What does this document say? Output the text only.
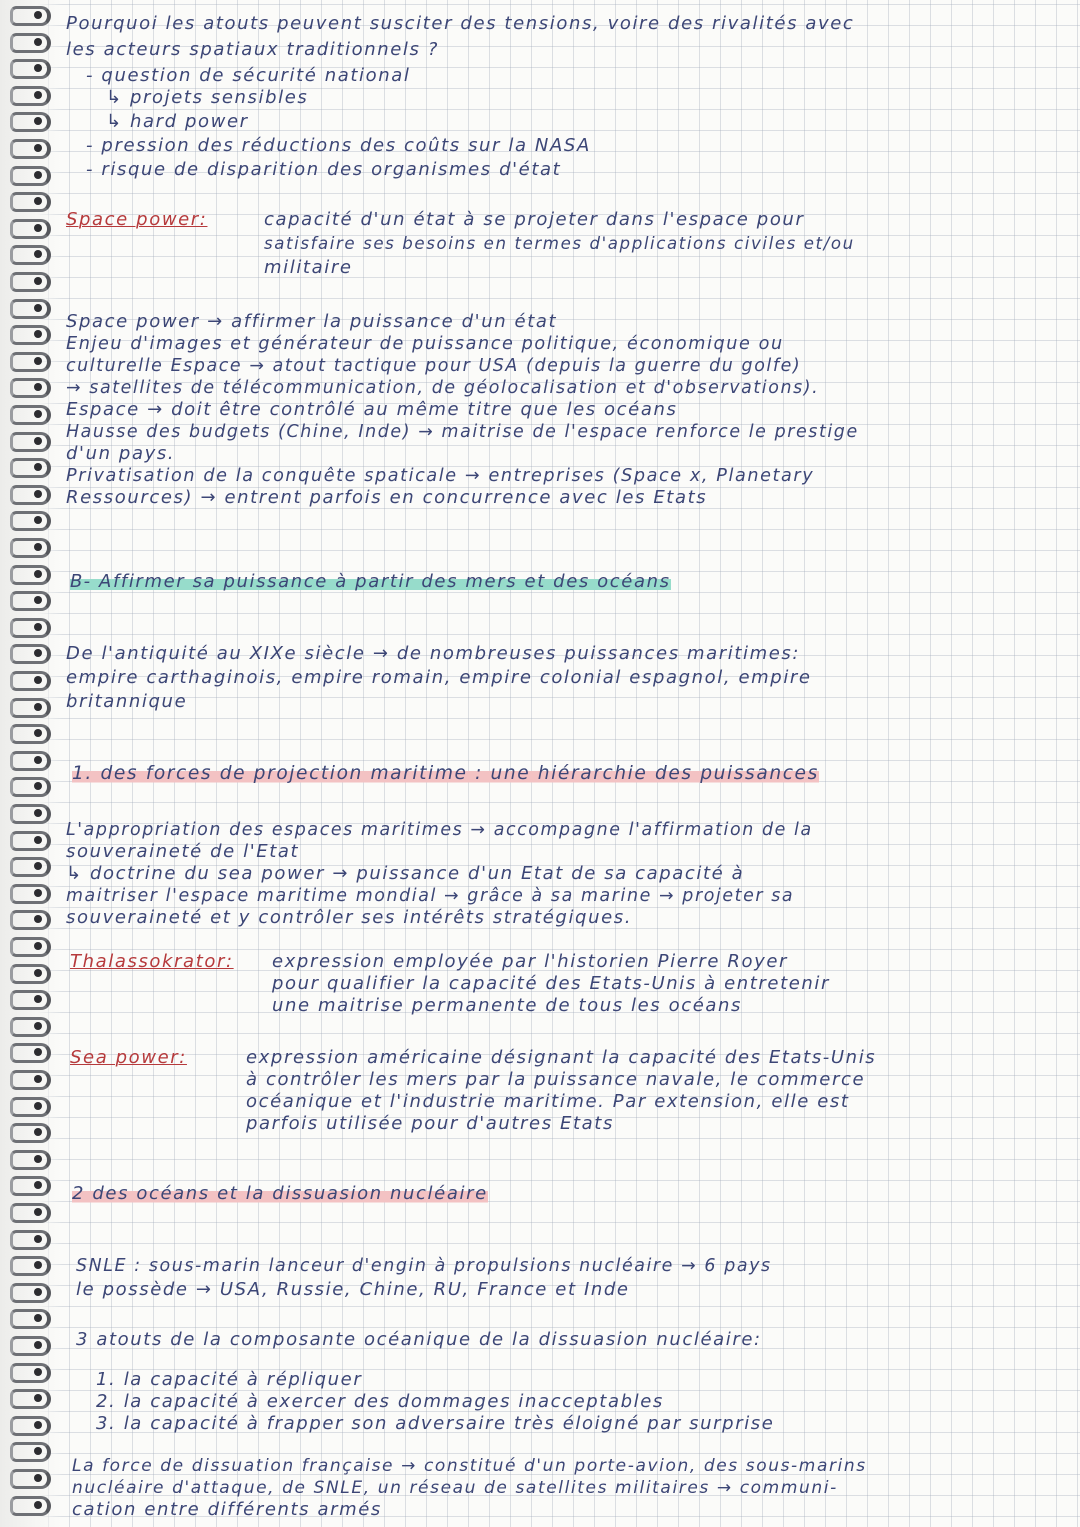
Pourquoi les atouts peuvent susciter des tensions, voire des rivalités avec
les acteurs spatiaux traditionnels ?
- question de sécurité national
↳ projets sensibles
↳ hard power
- pression des réductions des coûts sur la NASA
- risque de disparition des organismes d'état
Space power:	capacité d'un état à se projeter dans l'espace pour
satisfaire ses besoins en termes d'applications civiles et/ou
militaire
Space power → affirmer la puissance d'un état
Enjeu d'images et générateur de puissance politique, économique ou
culturelle Espace → atout tactique pour USA (depuis la guerre du golfe)
→ satellites de télécommunication, de géolocalisation et d'observations).
Espace → doit être contrôlé au même titre que les océans
Hausse des budgets (Chine, Inde) → maitrise de l'espace renforce le prestige
d'un pays.
Privatisation de la conquête spaticale → entreprises (Space x, Planetary
Ressources) → entrent parfois en concurrence avec les Etats
B- Affirmer sa puissance à partir des mers et des océans
De l'antiquité au XIXe siècle → de nombreuses puissances maritimes:
empire carthaginois, empire romain, empire colonial espagnol, empire
britannique
1. des forces de projection maritime : une hiérarchie des puissances
L'appropriation des espaces maritimes → accompagne l'affirmation de la
souveraineté de l'Etat
↳ doctrine du sea power → puissance d'un Etat de sa capacité à
maitriser l'espace maritime mondial → grâce à sa marine → projeter sa
souveraineté et y contrôler ses intérêts stratégiques.
Thalassokrator: expression employée par l'historien Pierre Royer
pour qualifier la capacité des Etats-Unis à entretenir
une maitrise permanente de tous les océans
Sea power:	expression américaine désignant la capacité des Etats-Unis
à contrôler les mers par la puissance navale, le commerce
océanique et l'industrie maritime. Par extension, elle est
parfois utilisée pour d'autres Etats
2 des océans et la dissuasion nucléaire
SNLE : sous-marin lanceur d'engin à propulsions nucléaire → 6 pays
le possède → USA, Russie, Chine, RU, France et Inde
3 atouts de la composante océanique de la dissuasion nucléaire:
1. la capacité à répliquer
2. la capacité à exercer des dommages inacceptables
3. la capacité à frapper son adversaire très éloigné par surprise
La force de dissuation française → constitué d'un porte-avion, des sous-marins
nucléaire d'attaque, de SNLE, un réseau de satellites militaires → communi-
cation entre différents armés
